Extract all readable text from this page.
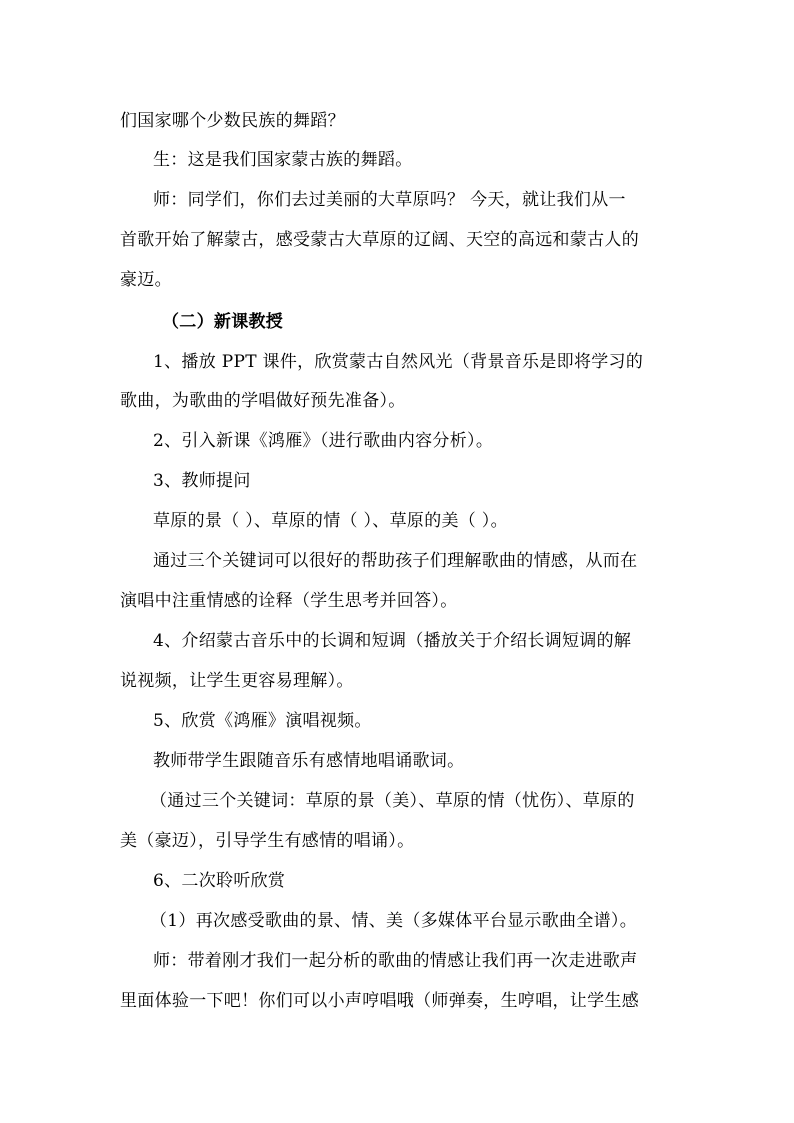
们国家哪个少数民族的舞蹈？
生：这是我们国家蒙古族的舞蹈。
师：同学们，你们去过美丽的大草原吗？ 今天，就让我们从一
首歌开始了解蒙古，感受蒙古大草原的辽阔、天空的高远和蒙古人的
豪迈。
（二）新课教授
1、播放 PPT 课件，欣赏蒙古自然风光（背景音乐是即将学习的
歌曲，为歌曲的学唱做好预先准备）。
2、引入新课《鸿雁》（进行歌曲内容分析）。
3、教师提问
草原的景（ ）、草原的情（ ）、草原的美（ ）。
通过三个关键词可以很好的帮助孩子们理解歌曲的情感，从而在
演唱中注重情感的诠释（学生思考并回答）。
4、介绍蒙古音乐中的长调和短调（播放关于介绍长调短调的解
说视频，让学生更容易理解）。
5、欣赏《鸿雁》演唱视频。
教师带学生跟随音乐有感情地唱诵歌词。
（通过三个关键词：草原的景（美）、草原的情（忧伤）、草原的
美（豪迈），引导学生有感情的唱诵）。
6、二次聆听欣赏
（1）再次感受歌曲的景、情、美（多媒体平台显示歌曲全谱）。
师：带着刚才我们一起分析的歌曲的情感让我们再一次走进歌声
里面体验一下吧！你们可以小声哼唱哦（师弹奏，生哼唱，让学生感
